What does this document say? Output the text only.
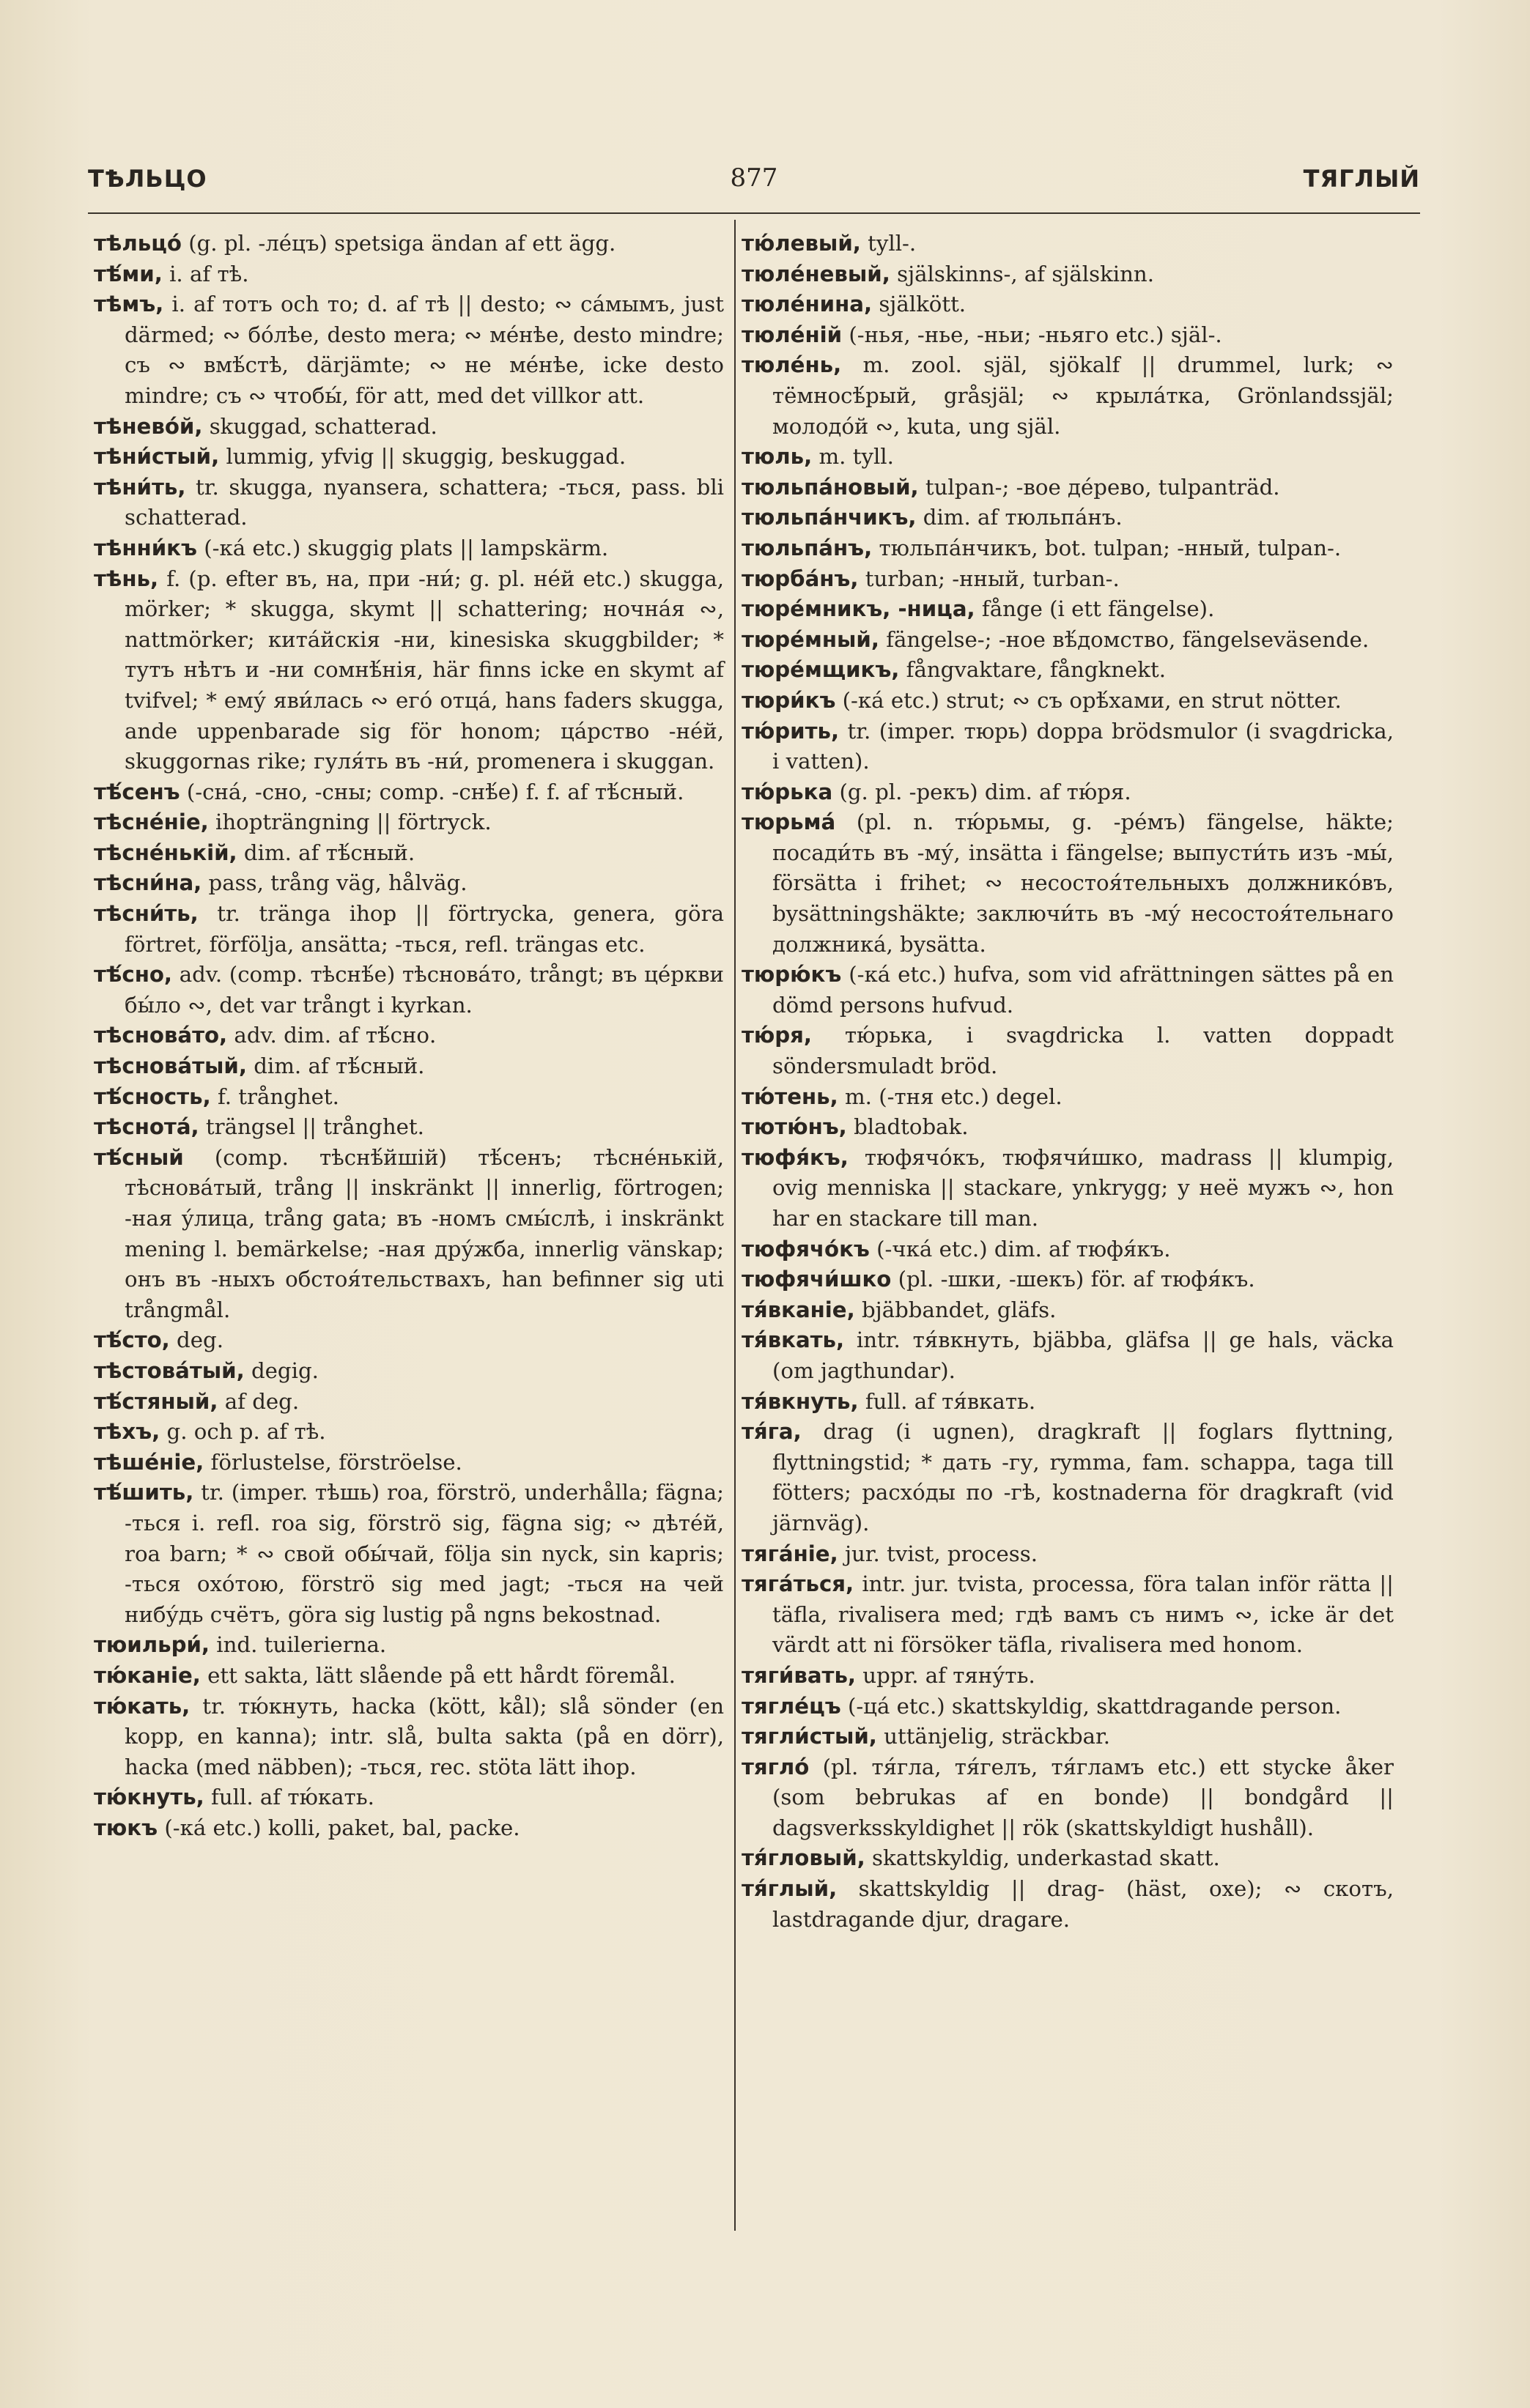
ТѢЛЬЦО	877	ТЯГЛЫЙ
тѣльцо́ (g. pl. -ле́цъ) spetsiga ändan af ett ägg.
тѣ́ми, i. af тѣ.
тѣмъ, i. af тотъ och то; d. af тѣ || desto; ∾ са́мымъ, just därmed; ∾ бо́лѣе, desto mera; ∾ ме́нѣе, desto mindre; съ ∾ вмѣ́стѣ, därjämte; ∾ не ме́нѣе, icke desto mindre; съ ∾ чтобы́, för att, med det villkor att.
тѣнево́й, skuggad, schatterad.
тѣни́стый, lummig, yfvig || skuggig, beskuggad.
тѣни́ть, tr. skugga, nyansera, schattera; -ться, pass. bli schatterad.
тѣнни́къ (-ка́ etc.) skuggig plats || lampskärm.
тѣнь, f. (p. efter въ, на, при -ни́; g. pl. не́й etc.) skugga, mörker; * skugga, skymt || schattering; ночна́я ∾, nattmörker; кита́йскія -ни, kinesiska skuggbilder; * тутъ нѣтъ и -ни сомнѣ́нія, här finns icke en skymt af tvifvel; * ему́ яви́лась ∾ его́ отца́, hans faders skugga, ande uppenbarade sig för honom; ца́рство -не́й, skuggornas rike; гуля́ть въ -ни́, promenera i skuggan.
тѣ́сенъ (-сна́, -сно, -сны; comp. -снѣ́е) f. f. af тѣ́сный.
тѣсне́ніе, ihopträngning || förtryck.
тѣсне́нькій, dim. af тѣ́сный.
тѣсни́на, pass, trång väg, hålväg.
тѣсни́ть, tr. tränga ihop || förtrycka, genera, göra förtret, förfölja, ansätta; -ться, refl. trängas etc.
тѣ́сно, adv. (comp. тѣснѣ́е) тѣснова́то, trångt; въ це́ркви бы́ло ∾, det var trångt i kyrkan.
тѣснова́то, adv. dim. af тѣ́сно.
тѣснова́тый, dim. af тѣ́сный.
тѣ́сность, f. trånghet.
тѣснота́, trängsel || trånghet.
тѣ́сный (comp. тѣснѣ́йшій) тѣ́сенъ; тѣсне́нькій, тѣснова́тый, trång || inskränkt || innerlig, förtrogen; -ная у́лица, trång gata; въ -номъ смы́слѣ, i inskränkt mening l. bemärkelse; -ная дру́жба, innerlig vänskap; онъ въ -ныхъ обстоя́тельствахъ, han befinner sig uti trångmål.
тѣ́сто, deg.
тѣстова́тый, degig.
тѣ́стяный, af deg.
тѣхъ, g. och p. af тѣ.
тѣше́ніе, förlustelse, förströelse.
тѣ́шить, tr. (imper. тѣшь) roa, förströ, underhålla; fägna; -ться i. refl. roa sig, förströ sig, fägna sig; ∾ дѣте́й, roa barn; * ∾ свой обы́чай, följa sin nyck, sin kapris; -ться охо́тою, förströ sig med jagt; -ться на чей нибу́дь счётъ, göra sig lustig på ngns bekostnad.
тюильри́, ind. tuilerierna.
тю́каніе, ett sakta, lätt slående på ett hårdt föremål.
тю́кать, tr. тю́кнуть, hacka (kött, kål); slå sönder (en kopp, en kanna); intr. slå, bulta sakta (på en dörr), hacka (med näbben); -ться, rec. stöta lätt ihop.
тю́кнуть, full. af тю́кать.
тюкъ (-ка́ etc.) kolli, paket, bal, packe.
тю́левый, tyll-.
тюле́невый, själskinns-, af själskinn.
тюле́нина, själkött.
тюле́ній (-нья, -нье, -ньи; -ньяго etc.) själ-.
тюле́нь, m. zool. själ, sjökalf || drummel, lurk; ∾ тёмносѣ́рый, gråsjäl; ∾ крыла́тка, Grönlandssjäl; молодо́й ∾, kuta, ung själ.
тюль, m. tyll.
тюльпа́новый, tulpan-; -вое де́рево, tulpanträd.
тюльпа́нчикъ, dim. af тюльпа́нъ.
тюльпа́нъ, тюльпа́нчикъ, bot. tulpan; -нный, tulpan-.
тюрба́нъ, turban; -нный, turban-.
тюре́мникъ, -ница, fånge (i ett fängelse).
тюре́мный, fängelse-; -ное вѣ́домство, fängelseväsende.
тюре́мщикъ, fångvaktare, fångknekt.
тюри́къ (-ка́ etc.) strut; ∾ съ орѣ́хами, en strut nötter.
тю́рить, tr. (imper. тюрь) doppa brödsmulor (i svagdricka, i vatten).
тю́рька (g. pl. -рекъ) dim. af тю́ря.
тюрьма́ (pl. n. тю́рьмы, g. -ре́мъ) fängelse, häkte; посади́ть въ -му́, insätta i fängelse; выпусти́ть изъ -мы́, försätta i frihet; ∾ несостоя́тельныхъ должнико́въ, bysättningshäkte; заключи́ть въ -му́ несостоя́тельнаго должника́, bysätta.
тюрю́къ (-ка́ etc.) hufva, som vid afrättningen sättes på en dömd persons hufvud.
тю́ря, тю́рька, i svagdricka l. vatten doppadt söndersmuladt bröd.
тю́тень, m. (-тня etc.) degel.
тютю́нъ, bladtobak.
тюфя́къ, тюфячо́къ, тюфячи́шко, madrass || klumpig, ovig menniska || stackare, ynkrygg; у неё мужъ ∾, hon har en stackare till man.
тюфячо́къ (-чка́ etc.) dim. af тюфя́къ.
тюфячи́шко (pl. -шки, -шекъ) för. af тюфя́къ.
тя́вканіе, bjäbbandet, gläfs.
тя́вкать, intr. тя́вкнуть, bjäbba, gläfsa || ge hals, väcka (om jagthundar).
тя́вкнуть, full. af тя́вкать.
тя́га, drag (i ugnen), dragkraft || foglars flyttning, flyttningstid; * дать -гу, rymma, fam. schappa, taga till fötters; расхо́ды по -гѣ, kostnaderna för dragkraft (vid järnväg).
тяга́ніе, jur. tvist, process.
тяга́ться, intr. jur. tvista, processa, föra talan inför rätta || täfla, rivalisera med; гдѣ вамъ съ нимъ ∾, icke är det värdt att ni försöker täfla, rivalisera med honom.
тяги́вать, uppr. af тяну́ть.
тягле́цъ (-ца́ etc.) skattskyldig, skattdragande person.
тягли́стый, uttänjelig, sträckbar.
тягло́ (pl. тя́гла, тя́гелъ, тя́гламъ etc.) ett stycke åker (som bebrukas af en bonde) || bondgård || dagsverksskyldighet || rök (skattskyldigt hushåll).
тя́гловый, skattskyldig, underkastad skatt.
тя́глый, skattskyldig || drag- (häst, oxe); ∾ скотъ, lastdragande djur, dragare.
